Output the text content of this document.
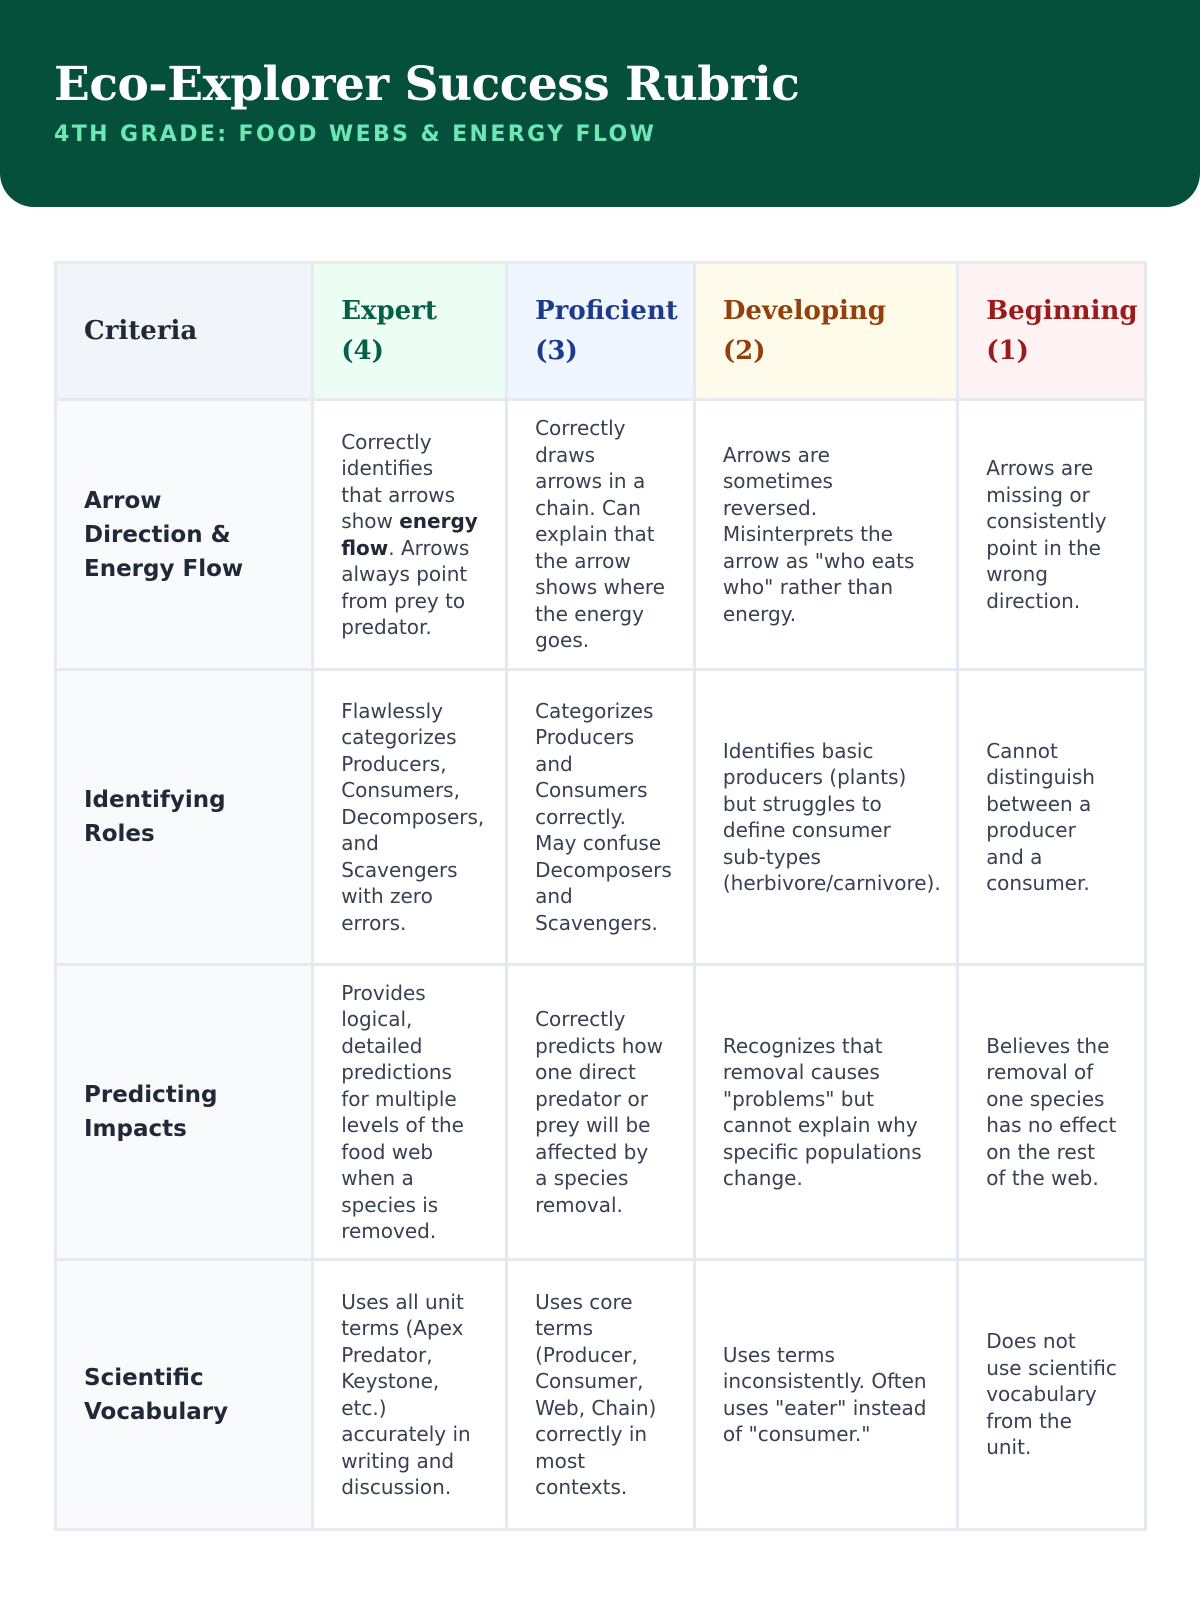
Eco-Explorer Success Rubric
4TH GRADE: FOOD WEBS & ENERGY FLOW
Criteria	Expert (4)	Proficient (3)	Developing (2)	Beginning (1)
Arrow Direction & Energy Flow	Correctly identifies that arrows show energy flow. Arrows always point from prey to predator.	Correctly draws arrows in a chain. Can explain that the arrow shows where the energy goes.	Arrows are sometimes reversed. Misinterprets the arrow as "who eats who" rather than energy.	Arrows are missing or consistently point in the wrong direction.
Identifying Roles	Flawlessly categorizes Producers, Consumers, Decomposers, and Scavengers with zero errors.	Categorizes Producers and Consumers correctly. May confuse Decomposers and Scavengers.	Identifies basic producers (plants) but struggles to define consumer sub-types (herbivore/carnivore).	Cannot distinguish between a producer and a consumer.
Predicting Impacts	Provides logical, detailed predictions for multiple levels of the food web when a species is removed.	Correctly predicts how one direct predator or prey will be affected by a species removal.	Recognizes that removal causes "problems" but cannot explain why specific populations change.	Believes the removal of one species has no effect on the rest of the web.
Scientific Vocabulary	Uses all unit terms (Apex Predator, Keystone, etc.) accurately in writing and discussion.	Uses core terms (Producer, Consumer, Web, Chain) correctly in most contexts.	Uses terms inconsistently. Often uses "eater" instead of "consumer."	Does not use scientific vocabulary from the unit.
